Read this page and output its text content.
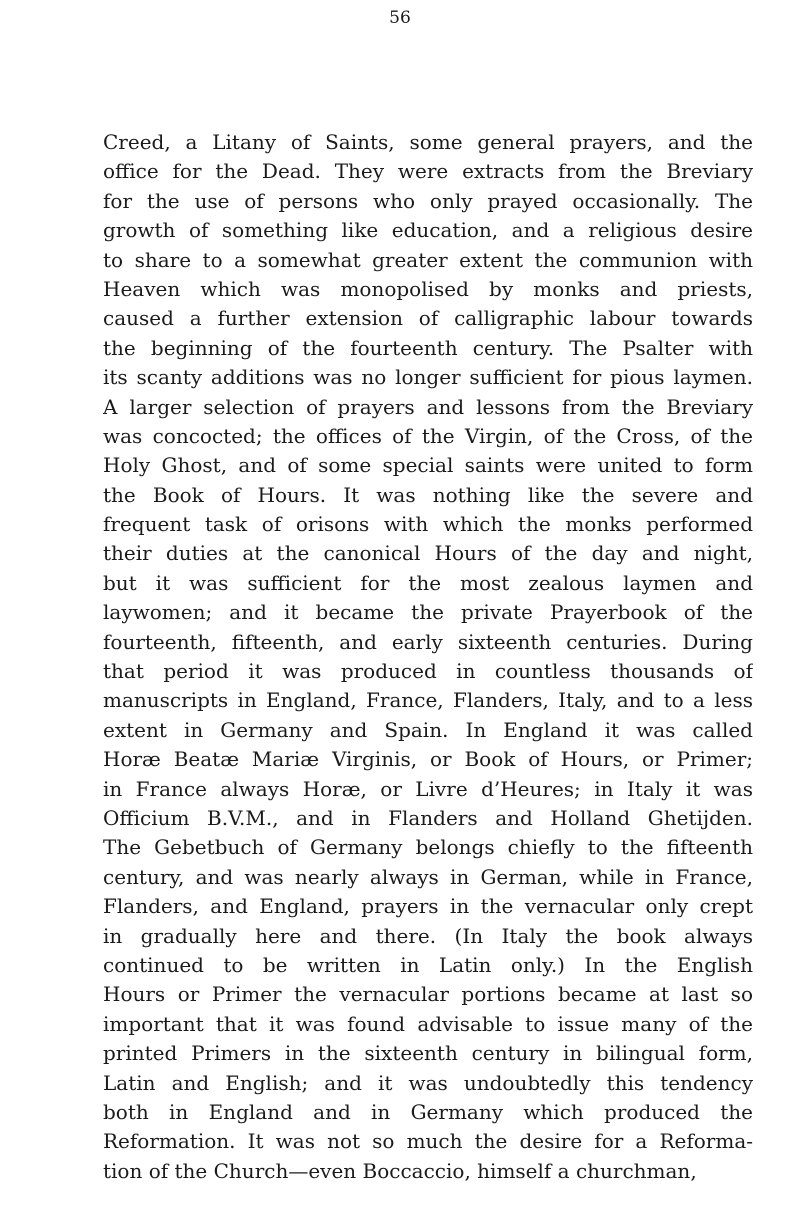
56
Creed, a Litany of Saints, some general prayers, and the
office for the Dead. They were extracts from the Breviary
for the use of persons who only prayed occasionally. The
growth of something like education, and a religious desire
to share to a somewhat greater extent the communion with
Heaven which was monopolised by monks and priests,
caused a further extension of calligraphic labour towards
the beginning of the fourteenth century. The Psalter with
its scanty additions was no longer sufficient for pious laymen.
A larger selection of prayers and lessons from the Breviary
was concocted; the offices of the Virgin, of the Cross, of the
Holy Ghost, and of some special saints were united to form
the Book of Hours. It was nothing like the severe and
frequent task of orisons with which the monks performed
their duties at the canonical Hours of the day and night,
but it was sufficient for the most zealous laymen and
laywomen; and it became the private Prayerbook of the
fourteenth, fifteenth, and early sixteenth centuries. During
that period it was produced in countless thousands of
manuscripts in England, France, Flanders, Italy, and to a less
extent in Germany and Spain. In England it was called
Horæ Beatæ Mariæ Virginis, or Book of Hours, or Primer;
in France always Horæ, or Livre d’Heures; in Italy it was
Officium B.V.M., and in Flanders and Holland Ghetijden.
The Gebetbuch of Germany belongs chiefly to the fifteenth
century, and was nearly always in German, while in France,
Flanders, and England, prayers in the vernacular only crept
in gradually here and there. (In Italy the book always
continued to be written in Latin only.) In the English
Hours or Primer the vernacular portions became at last so
important that it was found advisable to issue many of the
printed Primers in the sixteenth century in bilingual form,
Latin and English; and it was undoubtedly this tendency
both in England and in Germany which produced the
Reformation. It was not so much the desire for a Reforma-
tion of the Church—even Boccaccio, himself a churchman,
